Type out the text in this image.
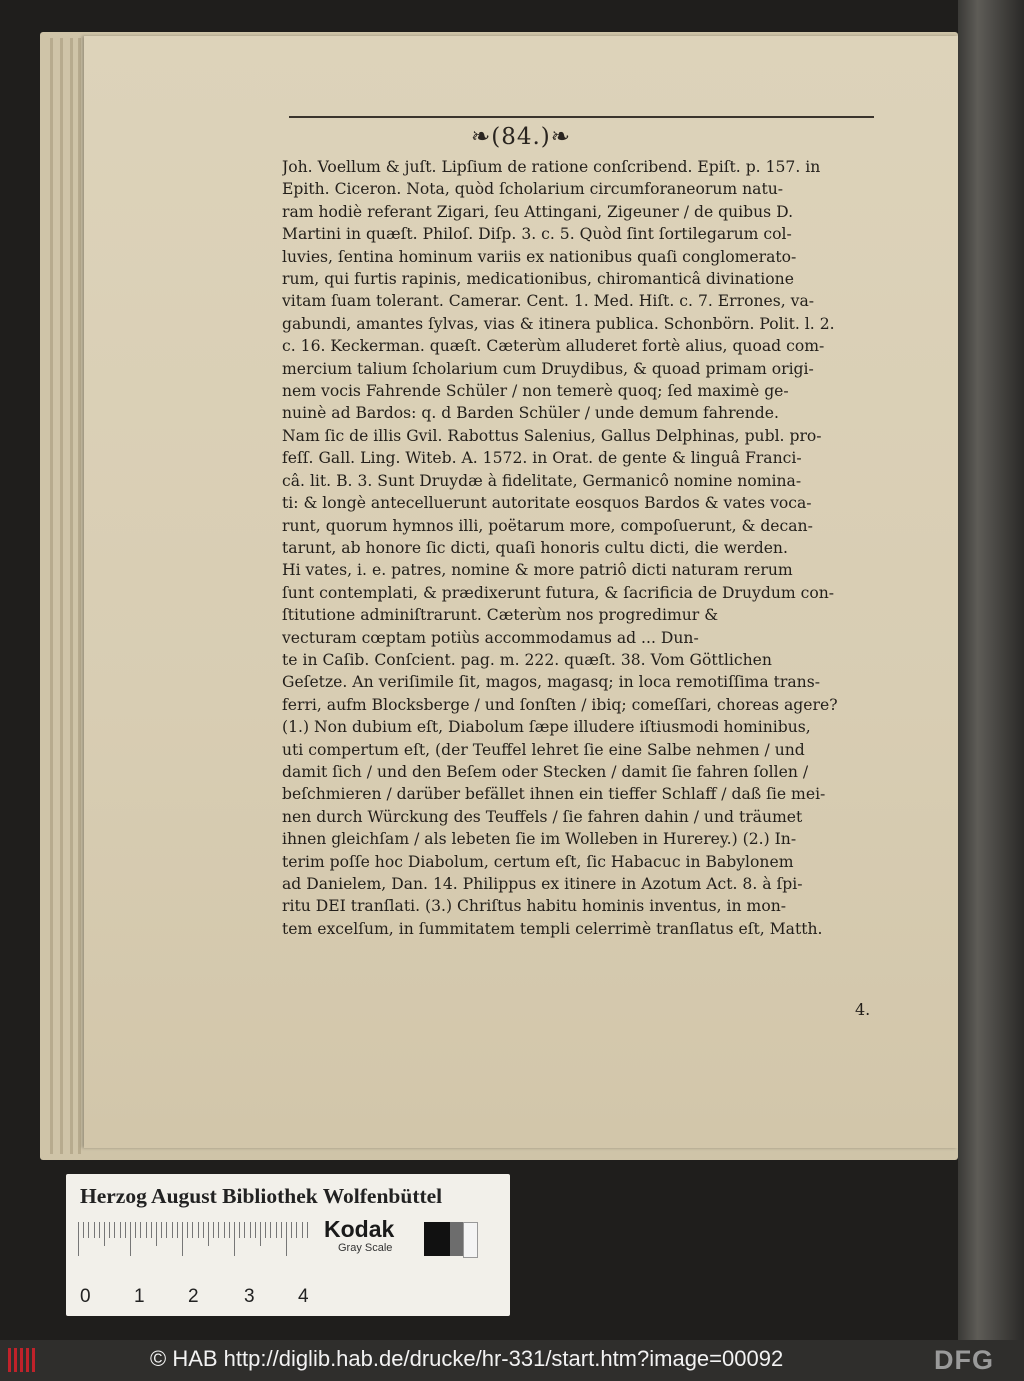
❧(84.)❧
Joh. Voellum & juſt. Lipſium de ratione conſcribend. Epiſt. p. 157. in
Epith. Ciceron. Nota, quòd ſcholarium circumforaneorum natu-
ram hodiè referant Zigari, ſeu Attingani, Zigeuner / de quibus D.
Martini in quæſt. Philoſ. Diſp. 3. c. 5. Quòd ſint ſortilegarum col-
luvies, ſentina hominum variis ex nationibus quaſi conglomerato-
rum, qui furtis rapinis, medicationibus, chiromanticâ divinatione
vitam ſuam tolerant. Camerar. Cent. 1. Med. Hiſt. c. 7. Errones, va-
gabundi, amantes ſylvas, vias & itinera publica. Schonbörn. Polit. l. 2.
c. 16. Keckerman. quæſt. Cæterùm alluderet fortè alius, quoad com-
mercium talium ſcholarium cum Druydibus, & quoad primam origi-
nem vocis Fahrende Schüler / non temerè quoq; ſed maximè ge-
nuinè ad Bardos: q. d Barden Schüler / unde demum fahrende.
Nam ſic de illis Gvil. Rabottus Salenius, Gallus Delphinas, publ. pro-
feſſ. Gall. Ling. Witeb. A. 1572. in Orat. de gente & linguâ Franci-
câ. lit. B. 3. Sunt Druydæ à fidelitate, Germanicô nomine nomina-
ti: & longè antecelluerunt autoritate eosquos Bardos & vates voca-
runt, quorum hymnos illi, poëtarum more, compoſuerunt, & decan-
tarunt, ab honore ſic dicti, quaſi honoris cultu dicti, die werden.
Hi vates, i. e. patres, nomine & more patriô dicti naturam rerum
ſunt contemplati, & prædixerunt futura, & ſacrificia de Druydum con-
ſtitutione adminiſtrarunt. Cæterùm nos progredimur &
vecturam cœptam potiùs accommodamus ad ... Dun-
te in Caſib. Conſcient. pag. m. 222. quæſt. 38. Vom Göttlichen
Geſetze. An veriſimile ſit, magos, magasq; in loca remotiſſima trans-
ferri, aufm Blocksberge / und ſonſten / ibiq; comeſſari, choreas agere?
(1.) Non dubium eſt, Diabolum ſæpe illudere iſtiusmodi hominibus,
uti compertum eſt, (der Teuffel lehret ſie eine Salbe nehmen / und
damit ſich / und den Beſem oder Stecken / damit ſie fahren ſollen /
beſchmieren / darüber befället ihnen ein tieffer Schlaff / daß ſie mei-
nen durch Würckung des Teuffels / ſie fahren dahin / und träumet
ihnen gleichſam / als lebeten ſie im Wolleben in Hurerey.) (2.) In-
terim poſſe hoc Diabolum, certum eſt, ſic Habacuc in Babylonem
ad Danielem, Dan. 14. Philippus ex itinere in Azotum Act. 8. à ſpi-
ritu DEI tranſlati. (3.) Chriſtus habitu hominis inventus, in mon-
tem excelſum, in ſummitatem templi celerrimè tranſlatus eſt, Matth.
4.
Herzog August Bibliothek Wolfenbüttel
0 1 2 3 4
Kodak
Gray Scale
© HAB http://diglib.hab.de/drucke/hr-331/start.htm?image=00092	DFG
